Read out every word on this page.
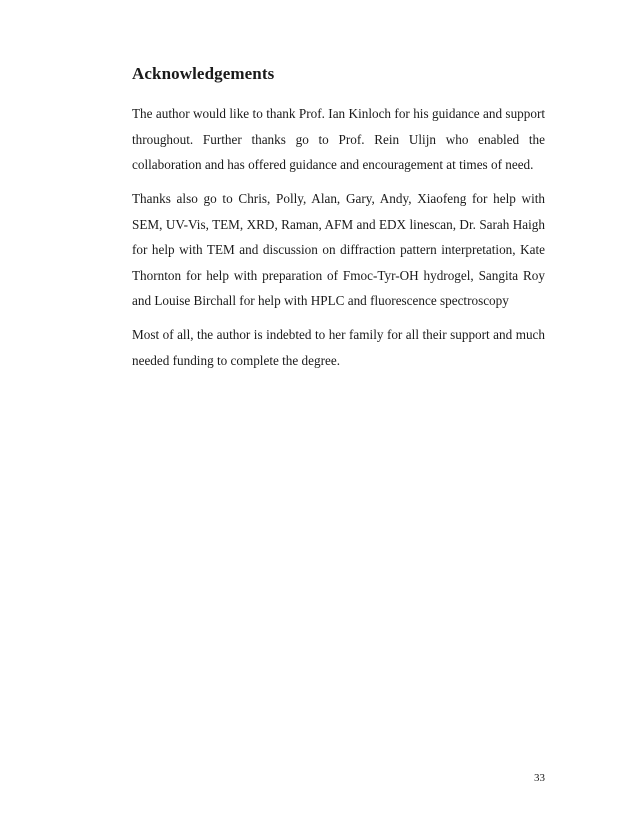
Acknowledgements

The author would like to thank Prof. Ian Kinloch for his guidance and support throughout. Further thanks go to Prof. Rein Ulijn who enabled the collaboration and has offered guidance and encouragement at times of need.

Thanks also go to Chris, Polly, Alan, Gary, Andy, Xiaofeng for help with SEM, UV-Vis, TEM, XRD, Raman, AFM and EDX linescan, Dr. Sarah Haigh for help with TEM and discussion on diffraction pattern interpretation, Kate Thornton for help with preparation of Fmoc-Tyr-OH hydrogel, Sangita Roy and Louise Birchall for help with HPLC and fluorescence spectroscopy

Most of all, the author is indebted to her family for all their support and much needed funding to complete the degree.

33
